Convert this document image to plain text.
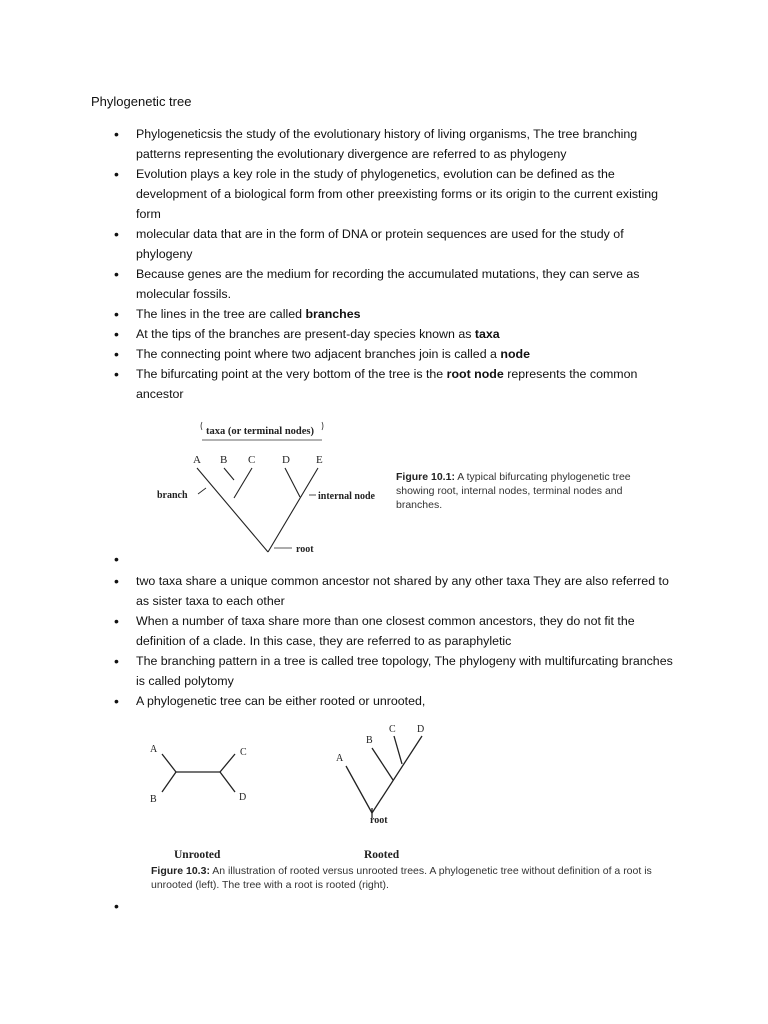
Phylogenetic tree
• Phylogeneticsis the study of the evolutionary history of living organisms, The tree branching patterns representing the evolutionary divergence are referred to as phylogeny
• Evolution plays a key role in the study of phylogenetics, evolution can be defined as the development of a biological form from other preexisting forms or its origin to the current existing form
• molecular data that are in the form of DNA or protein sequences are used for the study of phylogeny
• Because genes are the medium for recording the accumulated mutations, they can serve as molecular fossils.
• The lines in the tree are called branches
• At the tips of the branches are present-day species known as taxa
• The connecting point where two adjacent branches join is called a node
• The bifurcating point at the very bottom of the tree is the root node represents the common ancestor
taxa (or terminal nodes)
A B C D E
branch	internal node
root
Figure 10.1: A typical bifurcating phylogenetic tree showing root, internal nodes, terminal nodes and branches.
• two taxa share a unique common ancestor not shared by any other taxa They are also referred to as sister taxa to each other
• When a number of taxa share more than one closest common ancestors, they do not fit the definition of a clade. In this case, they are referred to as paraphyletic
• The branching pattern in a tree is called tree topology, The phylogeny with multifurcating branches is called polytomy
• A phylogenetic tree can be either rooted or unrooted,
A	C
B	D
A
B
C D
root
Unrooted	Rooted
Figure 10.3: An illustration of rooted versus unrooted trees. A phylogenetic tree without definition of a root is unrooted (left). The tree with a root is rooted (right).
